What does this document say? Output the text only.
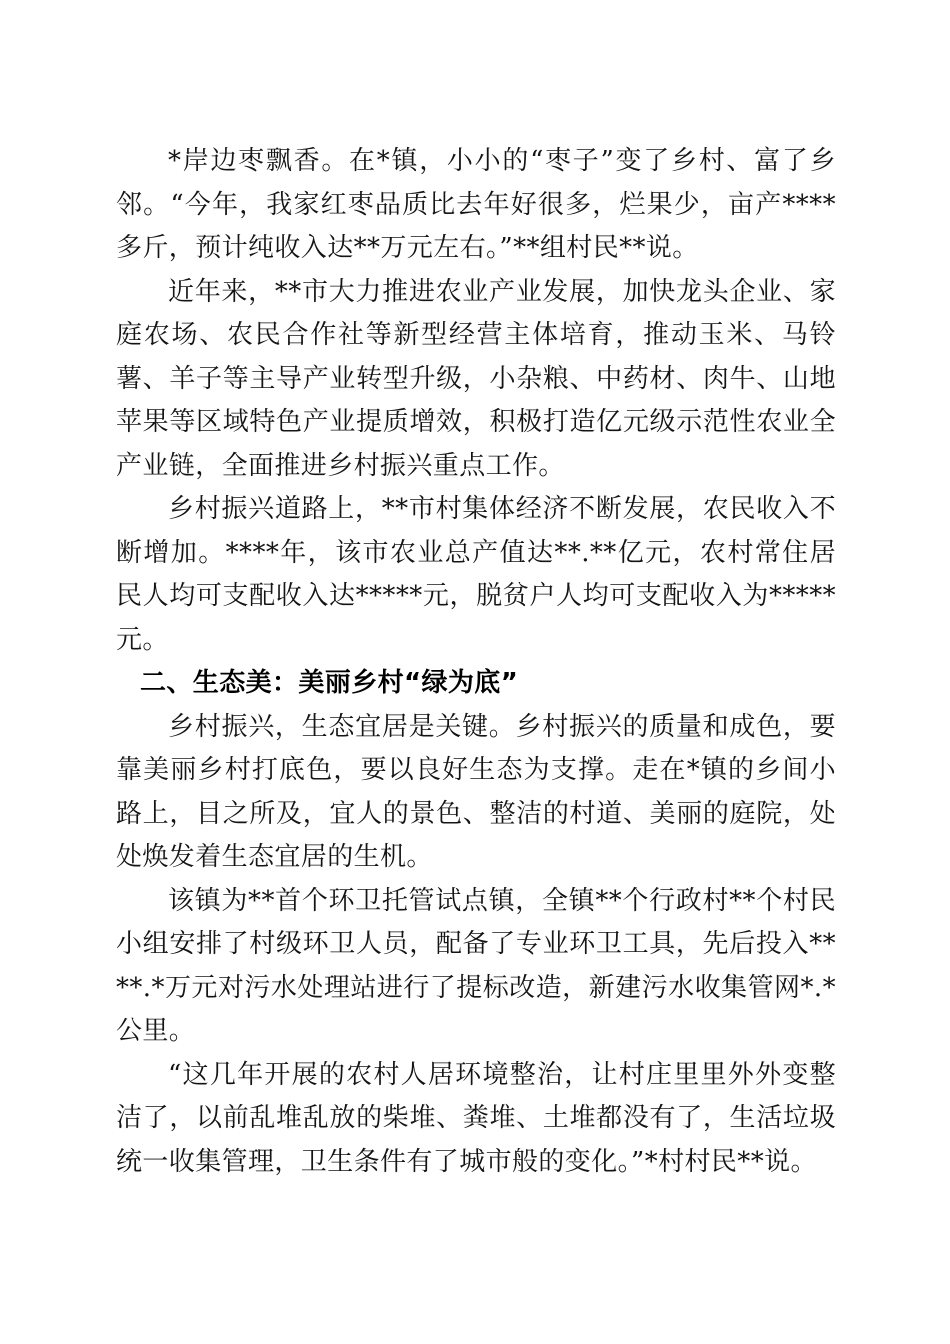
*岸边枣飘香。在*镇，小小的“枣子”变了乡村、富了乡邻。“今年，我家红枣品质比去年好很多，烂果少，亩产****多斤，预计纯收入达**万元左右。”**组村民**说。

近年来，**市大力推进农业产业发展，加快龙头企业、家庭农场、农民合作社等新型经营主体培育，推动玉米、马铃薯、羊子等主导产业转型升级，小杂粮、中药材、肉牛、山地苹果等区域特色产业提质增效，积极打造亿元级示范性农业全产业链，全面推进乡村振兴重点工作。

乡村振兴道路上，**市村集体经济不断发展，农民收入不断增加。****年，该市农业总产值达**.**亿元，农村常住居民人均可支配收入达*****元，脱贫户人均可支配收入为*****元。

二、生态美：美丽乡村“绿为底”

乡村振兴，生态宜居是关键。乡村振兴的质量和成色，要靠美丽乡村打底色，要以良好生态为支撑。走在*镇的乡间小路上，目之所及，宜人的景色、整洁的村道、美丽的庭院，处处焕发着生态宜居的生机。

该镇为**首个环卫托管试点镇，全镇**个行政村**个村民小组安排了村级环卫人员，配备了专业环卫工具，先后投入****.*万元对污水处理站进行了提标改造，新建污水收集管网*.*公里。

“这几年开展的农村人居环境整治，让村庄里里外外变整洁了，以前乱堆乱放的柴堆、粪堆、土堆都没有了，生活垃圾统一收集管理，卫生条件有了城市般的变化。”*村村民**说。
